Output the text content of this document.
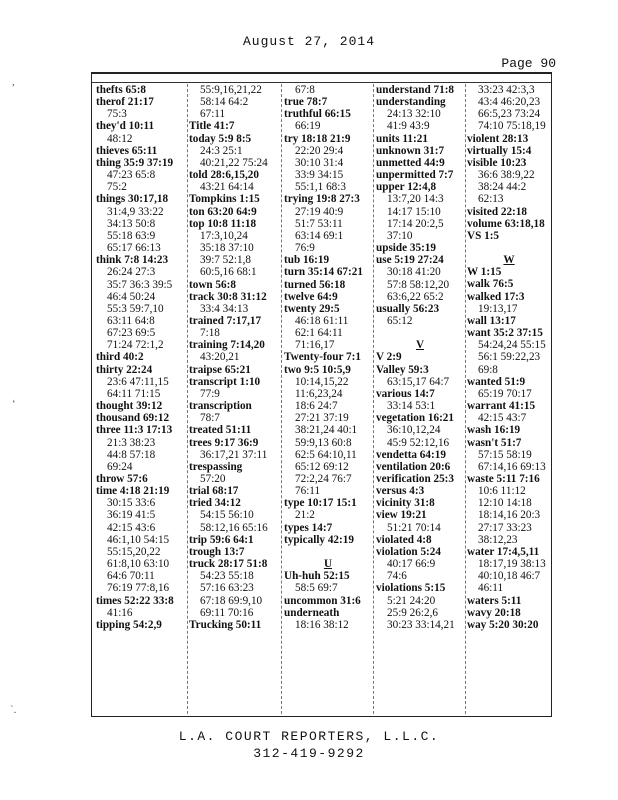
August 27, 2014
Page 90
thefts 65:8
therof 21:17
75:3
they'd 10:11
48:12
thieves 65:11
thing 35:9 37:19
47:23 65:8
75:2
things 30:17,18
31:4,9 33:22
34:13 50:8
55:18 63:9
65:17 66:13
think 7:8 14:23
26:24 27:3
35:7 36:3 39:5
46:4 50:24
55:3 59:7,10
63:11 64:8
67:23 69:5
71:24 72:1,2
third 40:2
thirty 22:24
23:6 47:11,15
64:11 71:15
thought 39:12
thousand 69:12
three 11:3 17:13
21:3 38:23
44:8 57:18
69:24
throw 57:6
time 4:18 21:19
30:15 33:6
36:19 41:5
42:15 43:6
46:1,10 54:15
55:15,20,22
61:8,10 63:10
64:6 70:11
76:19 77:8,16
times 52:22 33:8
41:16
tipping 54:2,9
55:9,16,21,22
58:14 64:2
67:11
Title 41:7
today 5:9 8:5
24:3 25:1
40:21,22 75:24
told 28:6,15,20
43:21 64:14
Tompkins 1:15
ton 63:20 64:9
top 10:8 11:18
17:3,10,24
35:18 37:10
39:7 52:1,8
60:5,16 68:1
town 56:8
track 30:8 31:12
33:4 34:13
trained 7:17,17
7:18
training 7:14,20
43:20,21
traipse 65:21
transcript 1:10
77:9
transcription
78:7
treated 51:11
trees 9:17 36:9
36:17,21 37:11
trespassing
57:20
trial 68:17
tried 34:12
54:15 56:10
58:12,16 65:16
trip 59:6 64:1
trough 13:7
truck 28:17 51:8
54:23 55:18
57:16 63:23
67:18 69:9,10
69:11 70:16
Trucking 50:11
67:8
true 78:7
truthful 66:15
66:19
try 18:18 21:9
22:20 29:4
30:10 31:4
33:9 34:15
55:1,1 68:3
trying 19:8 27:3
27:19 40:9
51:7 53:11
63:14 69:1
76:9
tub 16:19
turn 35:14 67:21
turned 56:18
twelve 64:9
twenty 29:5
46:18 61:11
62:1 64:11
71:16,17
Twenty-four 7:1
two 9:5 10:5,9
10:14,15,22
11:6,23,24
18:6 24:7
27:21 37:19
38:21,24 40:1
59:9,13 60:8
62:5 64:10,11
65:12 69:12
72:2,24 76:7
76:11
type 10:17 15:1
21:2
types 14:7
typically 42:19
U
Uh-huh 52:15
58:5 69:7
uncommon 31:6
underneath
18:16 38:12
understand 71:8
understanding
24:13 32:10
41:9 43:9
units 11:21
unknown 31:7
unmetted 44:9
unpermitted 7:7
upper 12:4,8
13:7,20 14:3
14:17 15:10
17:14 20:2,5
37:10
upside 35:19
use 5:19 27:24
30:18 41:20
57:8 58:12,20
63:6,22 65:2
usually 56:23
65:12
V
V 2:9
Valley 59:3
63:15,17 64:7
various 14:7
33:14 53:1
vegetation 16:21
36:10,12,24
45:9 52:12,16
vendetta 64:19
ventilation 20:6
verification 25:3
versus 4:3
vicinity 31:8
view 19:21
51:21 70:14
violated 4:8
violation 5:24
40:17 66:9
74:6
violations 5:15
5:21 24:20
25:9 26:2,6
30:23 33:14,21
33:23 42:3,3
43:4 46:20,23
66:5,23 73:24
74:10 75:18,19
violent 28:13
virtually 15:4
visible 10:23
36:6 38:9,22
38:24 44:2
62:13
visited 22:18
volume 63:18,18
VS 1:5
W
W 1:15
walk 76:5
walked 17:3
19:13,17
wall 13:17
want 35:2 37:15
54:24,24 55:15
56:1 59:22,23
69:8
wanted 51:9
65:19 70:17
warrant 41:15
42:15 43:7
wash 16:19
wasn't 51:7
57:15 58:19
67:14,16 69:13
waste 5:11 7:16
10:6 11:12
12:10 14:18
18:14,16 20:3
27:17 33:23
38:12,23
water 17:4,5,11
18:17,19 38:13
40:10,18 46:7
46:11
waters 5:11
wavy 20:18
way 5:20 30:20
L.A. COURT REPORTERS, L.L.C.
312-419-9292
,
‘
`.
